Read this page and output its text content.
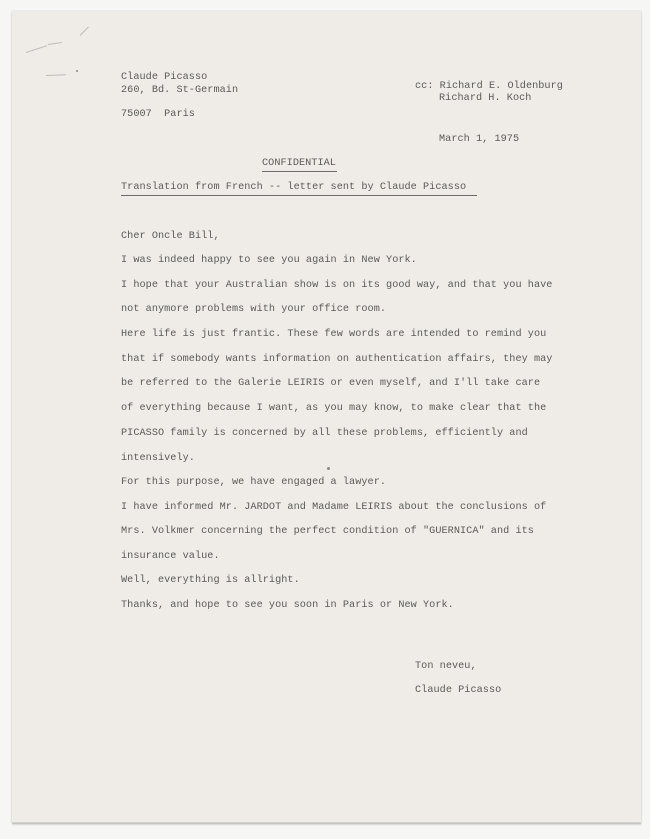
Claude Picasso
260, Bd. St-Germain
75007  Paris
cc: Richard E. Oldenburg
Richard H. Koch
March 1, 1975
CONFIDENTIAL
Translation from French -- letter sent by Claude Picasso
Cher Oncle Bill,
I was indeed happy to see you again in New York.
I hope that your Australian show is on its good way, and that you have
not anymore problems with your office room.
Here life is just frantic. These few words are intended to remind you
that if somebody wants information on authentication affairs, they may
be referred to the Galerie LEIRIS or even myself, and I'll take care
of everything because I want, as you may know, to make clear that the
PICASSO family is concerned by all these problems, efficiently and
intensively.
For this purpose, we have engaged a lawyer.
I have informed Mr. JARDOT and Madame LEIRIS about the conclusions of
Mrs. Volkmer concerning the perfect condition of "GUERNICA" and its
insurance value.
Well, everything is allright.
Thanks, and hope to see you soon in Paris or New York.
Ton neveu,
Claude Picasso
